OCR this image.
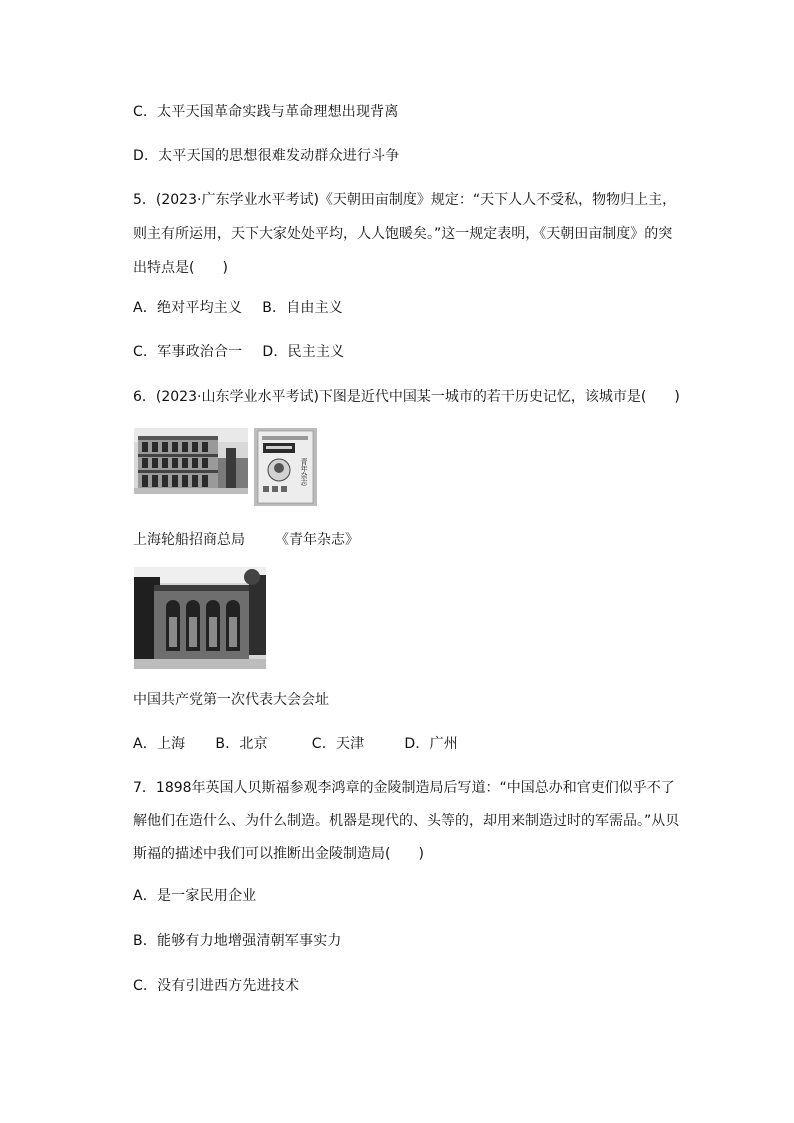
C．太平天国革命实践与革命理想出现背离
D．太平天国的思想很难发动群众进行斗争
5．(2023·广东学业水平考试)《天朝田亩制度》规定：“天下人人不受私，物物归上主，
则主有所运用，天下大家处处平均，人人饱暖矣。”这一规定表明，《天朝田亩制度》的突
出特点是(　　)
A．绝对平均主义 B．自由主义
C．军事政治合一 D．民主主义
6．(2023·山东学业水平考试)下图是近代中国某一城市的若干历史记忆，该城市是(　　)
青年杂志
上海轮船招商总局 《青年杂志》
中国共产党第一次代表大会会址
A．上海 B．北京	C．天津	D．广州
7．1898年英国人贝斯福参观李鸿章的金陵制造局后写道：“中国总办和官吏们似乎不了
解他们在造什么、为什么制造。机器是现代的、头等的，却用来制造过时的军需品。”从贝
斯福的描述中我们可以推断出金陵制造局(　　)
A．是一家民用企业
B．能够有力地增强清朝军事实力
C．没有引进西方先进技术
